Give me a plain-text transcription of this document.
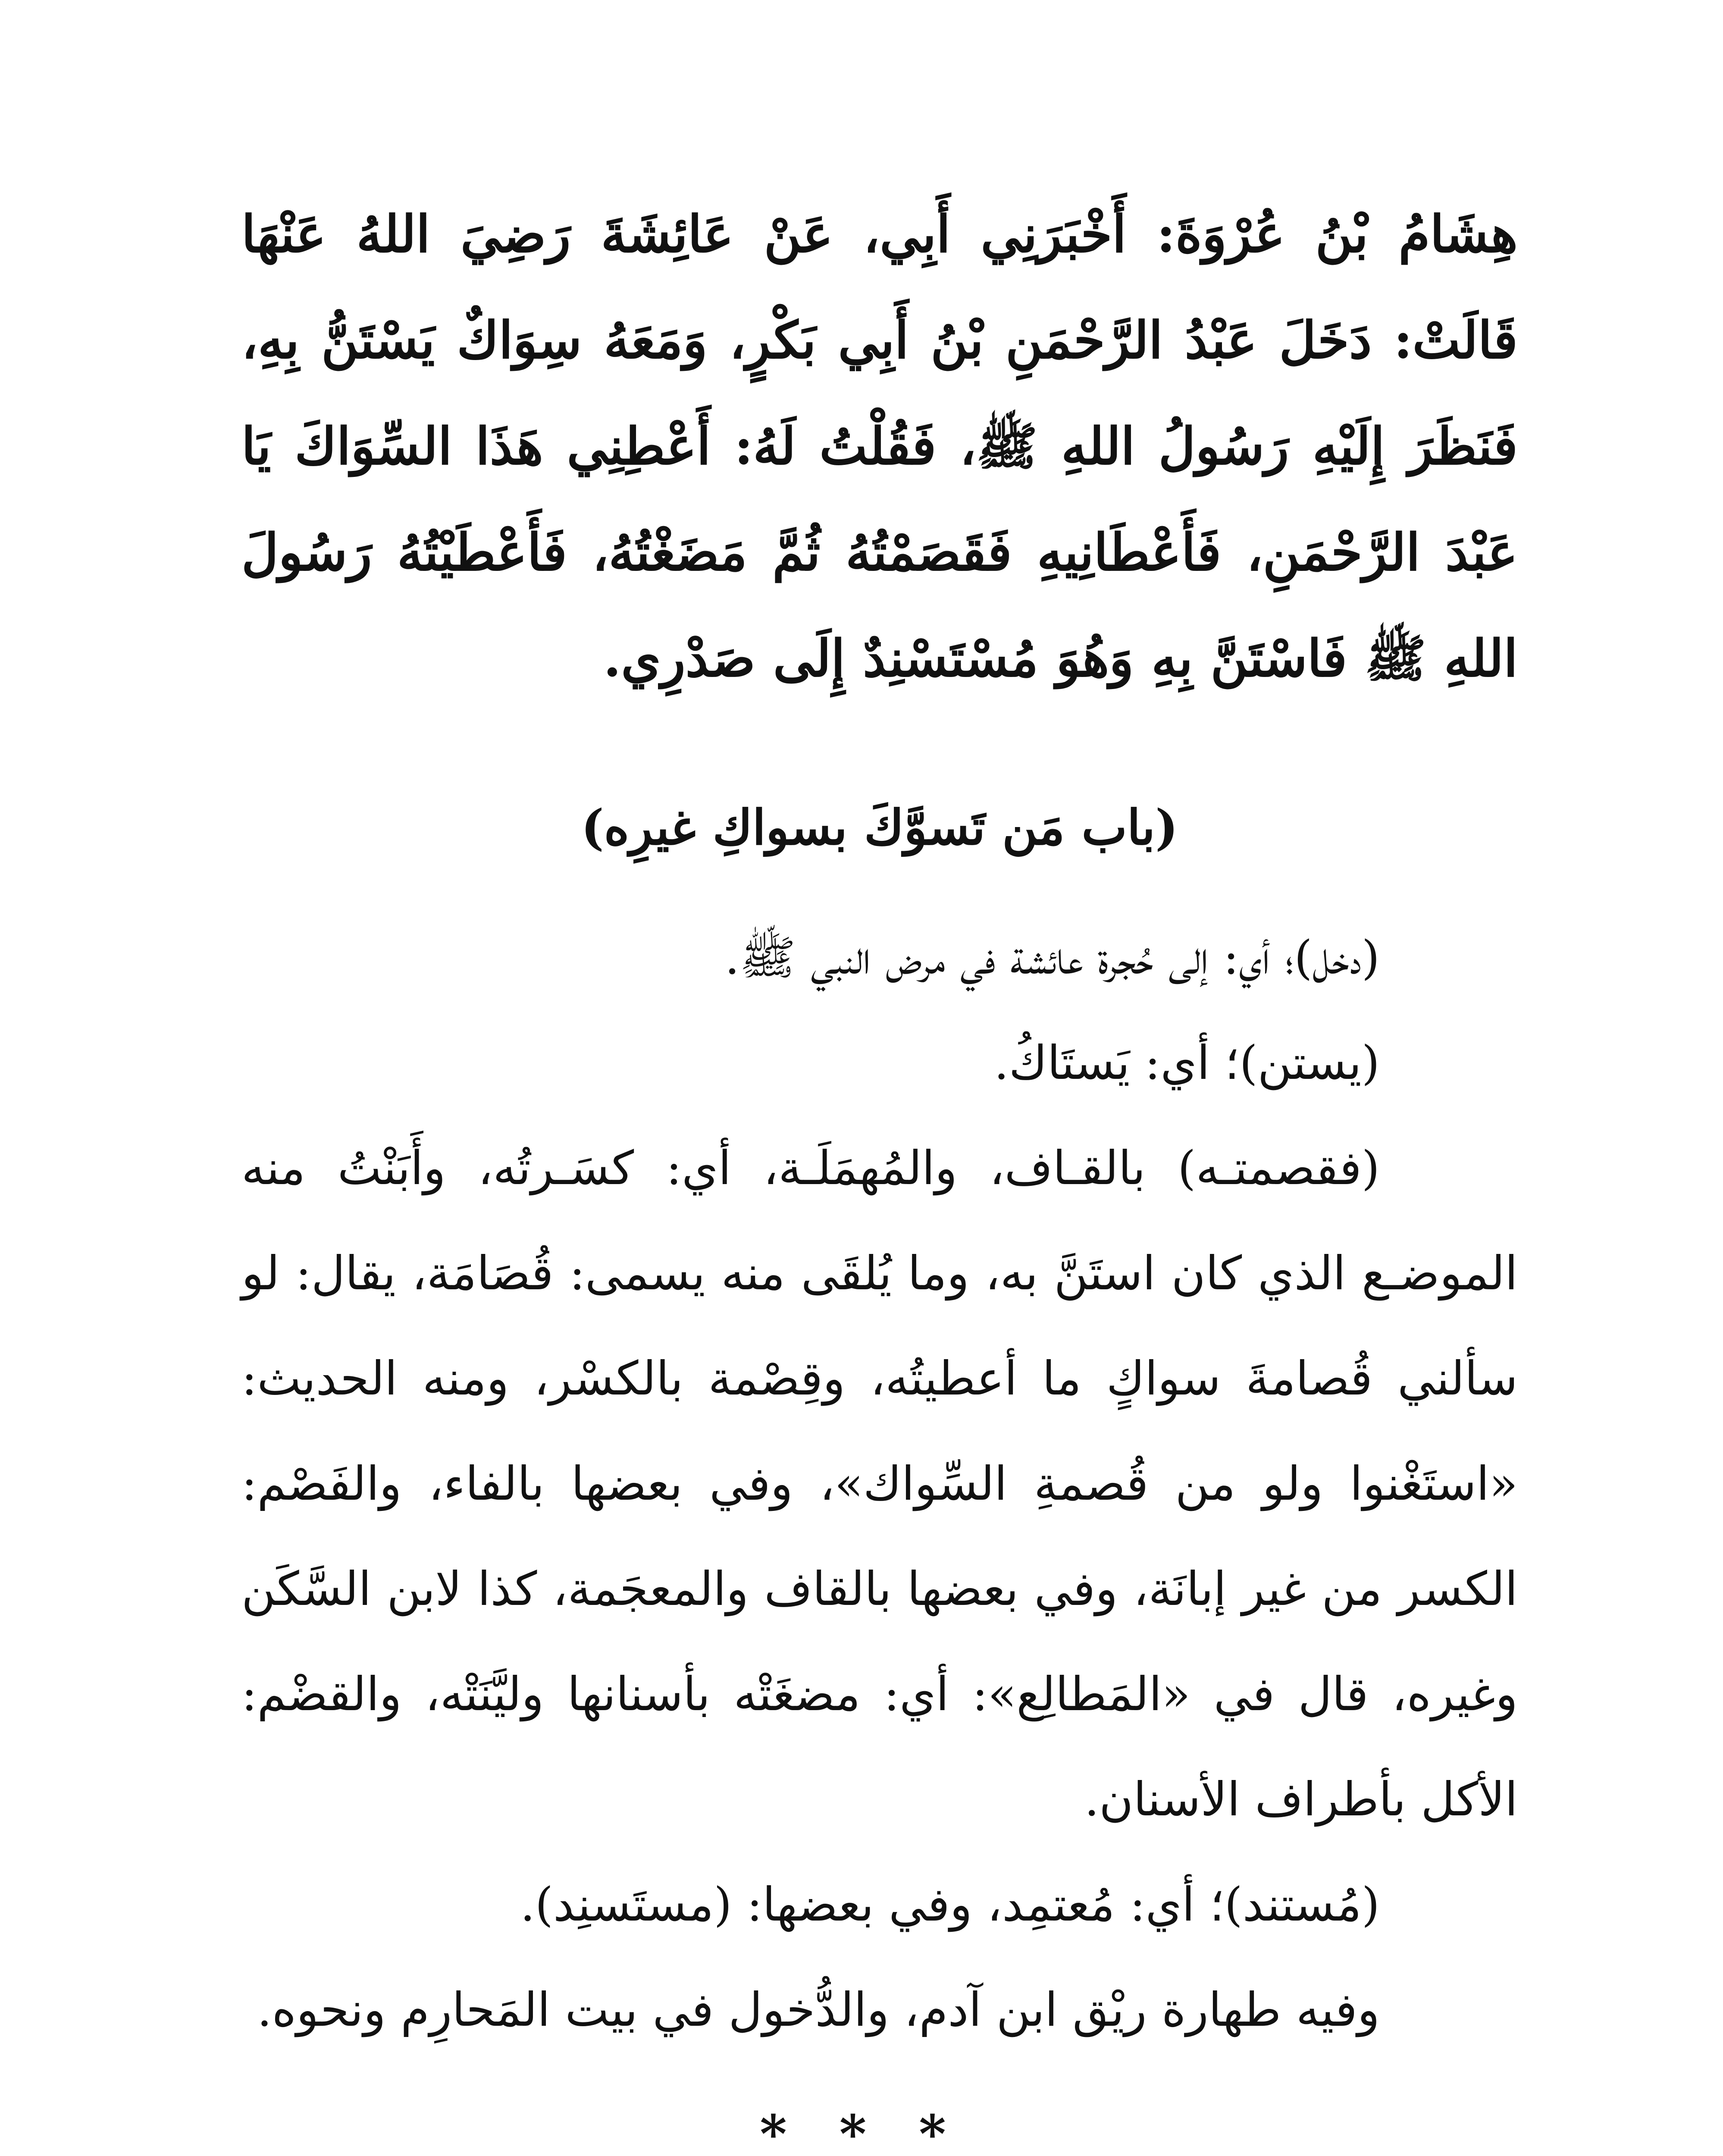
هِشَامُ بْنُ عُرْوَةَ: أَخْبَرَنِي أَبِي، عَنْ عَائِشَةَ رَضِيَ اللهُ عَنْهَا قَالَتْ: دَخَلَ عَبْدُ الرَّحْمَنِ بْنُ أَبِي بَكْرٍ، وَمَعَهُ سِوَاكٌ يَسْتَنُّ بِهِ، فَنَظَرَ إِلَيْهِ رَسُولُ اللهِ ﷺ، فَقُلْتُ لَهُ: أَعْطِنِي هَذَا السِّوَاكَ يَا عَبْدَ الرَّحْمَنِ، فَأَعْطَانِيهِ فَقَصَمْتُهُ ثُمَّ مَضَغْتُهُ، فَأَعْطَيْتُهُ رَسُولَ اللهِ ﷺ فَاسْتَنَّ بِهِ وَهُوَ مُسْتَسْنِدٌ إِلَى صَدْرِي.
(باب مَن تَسوَّكَ بسواكِ غيرِه)

(دخل)؛ أي: إلى حُجرة عائشة في مرض النبي ﷺ.

(يستن)؛ أي: يَستَاكُ.

(فقصمتـه) بالقـاف، والمُهمَلَـة، أي: كسَـرتُه، وأَبَنْتُ منه الموضـع الذي كان استَنَّ به، وما يُلقَى منه يسمى: قُصَامَة، يقال: لو سألني قُصامةَ سواكٍ ما أعطيتُه، وقِصْمة بالكسْر، ومنه الحديث: «استَغْنوا ولو من قُصمةِ السِّواك»، وفي بعضها بالفاء، والفَصْم: الكسر من غير إبانَة، وفي بعضها بالقاف والمعجَمة، كذا لابن السَّكَن وغيره، قال في «المَطالِع»: أي: مضغَتْه بأسنانها وليَّنَتْه، والقضْم: الأكل بأطراف الأسنان.

(مُستند)؛ أي: مُعتمِد، وفي بعضها: (مستَسنِد).

وفيه طهارة ريْق ابن آدم، والدُّخول في بيت المَحارِم ونحوه.

* * *
